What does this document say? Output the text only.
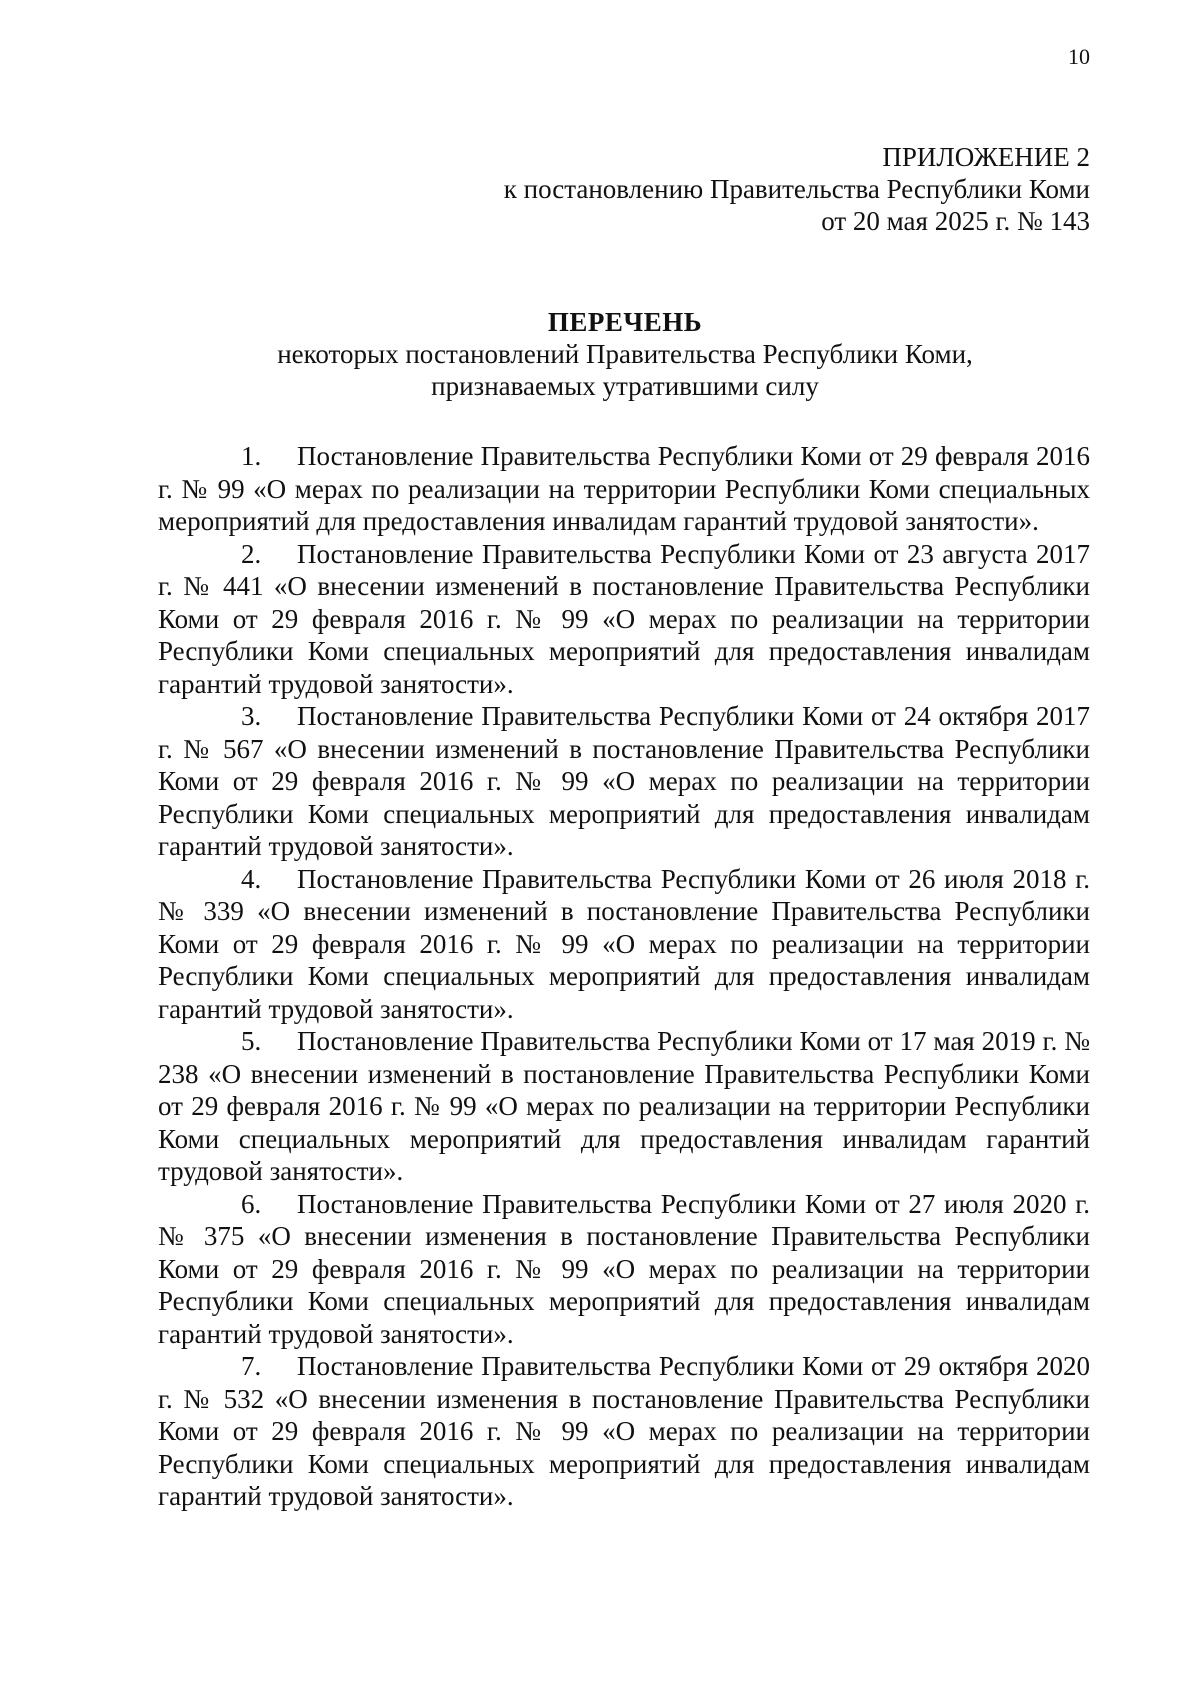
10
ПРИЛОЖЕНИЕ 2
к постановлению Правительства Республики Коми
от 20 мая 2025 г. № 143
ПЕРЕЧЕНЬ
некоторых постановлений Правительства Республики Коми,
признаваемых утратившими силу

1. Постановление Правительства Республики Коми от 29 февраля 2016 г. № 99 «О мерах по реализации на территории Республики Коми специальных мероприятий для предоставления инвалидам гарантий трудовой занятости».

2. Постановление Правительства Республики Коми от 23 августа 2017 г. № 441 «О внесении изменений в постановление Правительства Республики Коми от 29 февраля 2016 г. № 99 «О мерах по реализации на территории Республики Коми специальных мероприятий для предоставления инвалидам гарантий трудовой занятости».

3. Постановление Правительства Республики Коми от 24 октября 2017 г. № 567 «О внесении изменений в постановление Правительства Республики Коми от 29 февраля 2016 г. № 99 «О мерах по реализации на территории Республики Коми специальных мероприятий для предоставления инвалидам гарантий трудовой занятости».

4. Постановление Правительства Республики Коми от 26 июля 2018 г. № 339 «О внесении изменений в постановление Правительства Республики Коми от 29 февраля 2016 г. № 99 «О мерах по реализации на территории Республики Коми специальных мероприятий для предоставления инвалидам гарантий трудовой занятости».

5. Постановление Правительства Республики Коми от 17 мая 2019 г. № 238 «О внесении изменений в постановление Правительства Республики Коми от 29 февраля 2016 г. № 99 «О мерах по реализации на территории Республики Коми специальных мероприятий для предоставления инвалидам гарантий трудовой занятости».

6. Постановление Правительства Республики Коми от 27 июля 2020 г. № 375 «О внесении изменения в постановление Правительства Республики Коми от 29 февраля 2016 г. № 99 «О мерах по реализации на территории Республики Коми специальных мероприятий для предоставления инвалидам гарантий трудовой занятости».

7. Постановление Правительства Республики Коми от 29 октября 2020 г. № 532 «О внесении изменения в постановление Правительства Республики Коми от 29 февраля 2016 г. № 99 «О мерах по реализации на территории Республики Коми специальных мероприятий для предоставления инвалидам гарантий трудовой занятости».
